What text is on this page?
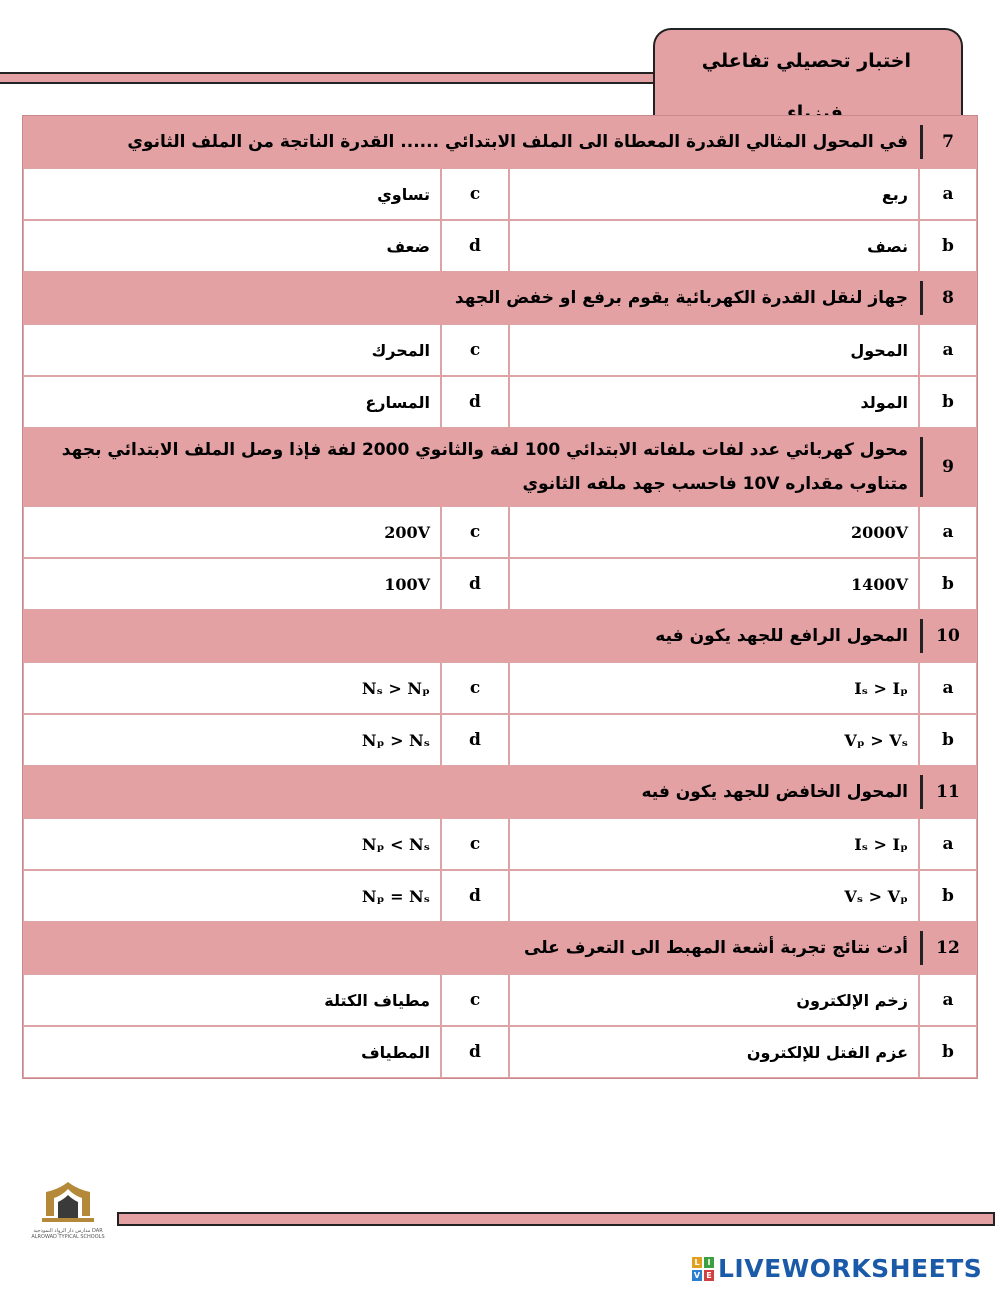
اختبار تحصيلي تفاعلي
فيزياء
في المحول المثالي القدرة المعطاة الى الملف الابتدائي ...... القدرة الناتجة من الملف الثانوي			7
تساوي	c	ربع	a
ضعف	d	نصف	b
جهاز لنقل القدرة الكهربائية يقوم برفع او خفض الجهد			8
المحرك	c	المحول	a
المسارع	d	المولد	b
محول كهربائي عدد لفات ملفاته الابتدائي 100 لفة والثانوي 2000 لفة فإذا وصل الملف الابتدائي بجهد متناوب مقداره 10V فاحسب جهد ملفه الثانوي			9
200V	c	2000V	a
100V	d	1400V	b
المحول الرافع للجهد يكون فيه			10
Nₛ > Nₚ	c	Iₛ > Iₚ	a
Nₚ > Nₛ	d	Vₚ > Vₛ	b
المحول الخافض للجهد يكون فيه			11
Nₚ < Nₛ	c	Iₛ > Iₚ	a
Nₚ = Nₛ	d	Vₛ > Vₚ	b
أدت نتائج تجربة أشعة المهبط الى التعرف على			12
مطياف الكتلة	c	زخم الإلكترون	a
المطياف	d	عزم الفتل للإلكترون	b
مدارس دار الرواد النموذجية DAR ALROWAD TYPICAL SCHOOLS
L I
V E LIVEWORKSHEETS
